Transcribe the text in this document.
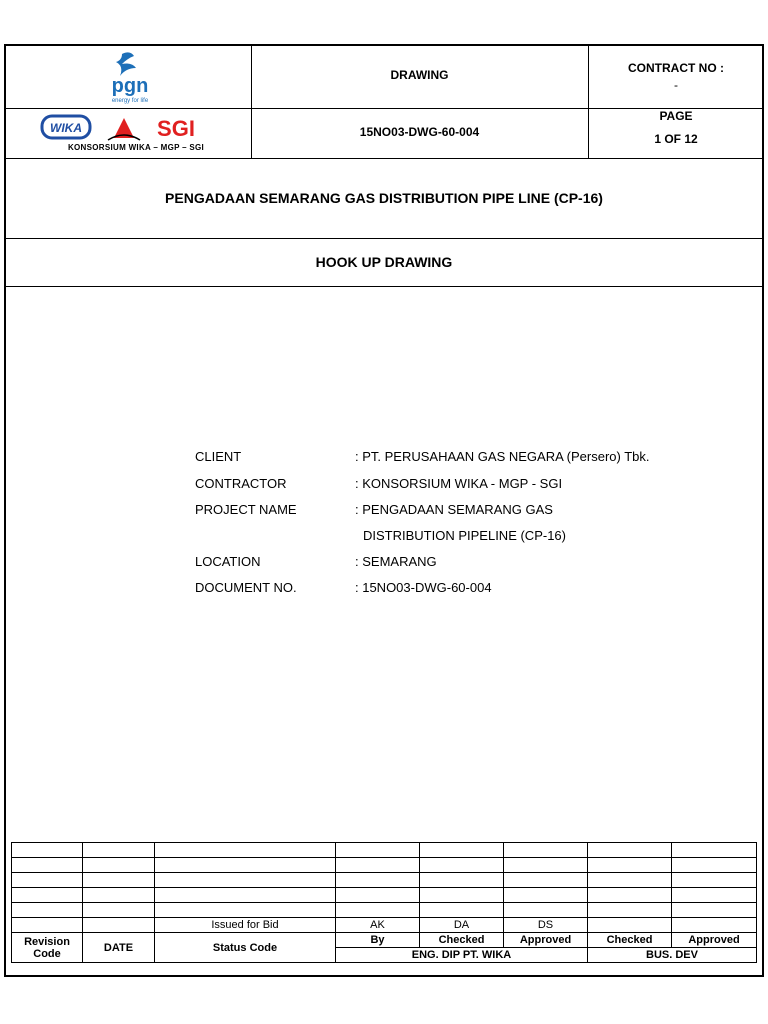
pgn
energy for life
DRAWING	CONTRACT NO :
-
WIKA	SGI
KONSORSIUM WIKA – MGP – SGI
15NO03-DWG-60-004
PAGE
1 OF 12
PENGADAAN SEMARANG GAS DISTRIBUTION PIPE LINE (CP-16)
HOOK UP DRAWING
CLIENT	: PT. PERUSAHAAN GAS NEGARA (Persero) Tbk.
CONTRACTOR	: KONSORSIUM WIKA - MGP - SGI
PROJECT NAME	: PENGADAAN SEMARANG GAS
DISTRIBUTION PIPELINE (CP-16)
LOCATION	: SEMARANG
DOCUMENT NO.	: 15NO03-DWG-60-004

		Issued for Bid	AK	DA	DS		
Revision Code	DATE	Status Code	By	Checked	Approved	Checked	Approved
			ENG. DIP PT. WIKA			BUS. DEV	
